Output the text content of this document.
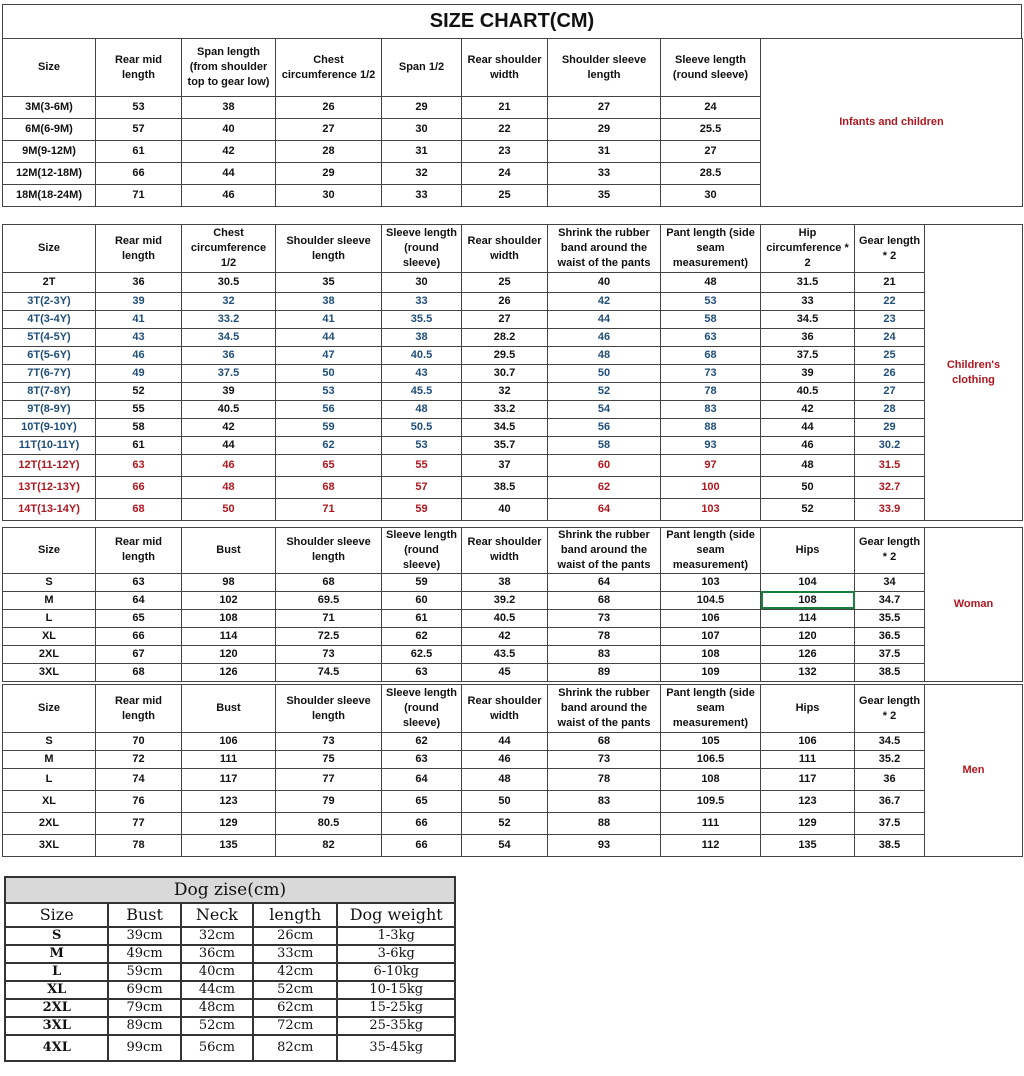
SIZE CHART(CM)
Size	Rear mid length	Span length (from shoulder top to gear low)	Chest circumference 1/2	Span 1/2	Rear shoulder width	Shoulder sleeve length	Sleeve length (round sleeve)	Infants and children
3M(3-6M)	53	38	26	29	21	27	24	
6M(6-9M)	57	40	27	30	22	29	25.5	
9M(9-12M)	61	42	28	31	23	31	27	
12M(12-18M)	66	44	29	32	24	33	28.5	
18M(18-24M)	71	46	30	33	25	35	30	
Size	Rear mid length	Chest circumference 1/2	Shoulder sleeve length	Sleeve length (round sleeve)	Rear shoulder width	Shrink the rubber band around the waist of the pants	Pant length (side seam measurement)	Hip circumference * 2	Gear length * 2	Children's clothing
2T	36	30.5	35	30	25	40	48	31.5	21	
3T(2-3Y)	39	32	38	33	26	42	53	33	22	
4T(3-4Y)	41	33.2	41	35.5	27	44	58	34.5	23	
5T(4-5Y)	43	34.5	44	38	28.2	46	63	36	24	
6T(5-6Y)	46	36	47	40.5	29.5	48	68	37.5	25	
7T(6-7Y)	49	37.5	50	43	30.7	50	73	39	26	
8T(7-8Y)	52	39	53	45.5	32	52	78	40.5	27	
9T(8-9Y)	55	40.5	56	48	33.2	54	83	42	28	
10T(9-10Y)	58	42	59	50.5	34.5	56	88	44	29	
11T(10-11Y)	61	44	62	53	35.7	58	93	46	30.2	
12T(11-12Y)	63	46	65	55	37	60	97	48	31.5	
13T(12-13Y)	66	48	68	57	38.5	62	100	50	32.7	
14T(13-14Y)	68	50	71	59	40	64	103	52	33.9	
Size	Rear mid length	Bust	Shoulder sleeve length	Sleeve length (round sleeve)	Rear shoulder width	Shrink the rubber band around the waist of the pants	Pant length (side seam measurement)	Hips	Gear length * 2	Woman
S	63	98	68	59	38	64	103	104	34	
M	64	102	69.5	60	39.2	68	104.5	108	34.7	
L	65	108	71	61	40.5	73	106	114	35.5	
XL	66	114	72.5	62	42	78	107	120	36.5	
2XL	67	120	73	62.5	43.5	83	108	126	37.5	
3XL	68	126	74.5	63	45	89	109	132	38.5	
Size	Rear mid length	Bust	Shoulder sleeve length	Sleeve length (round sleeve)	Rear shoulder width	Shrink the rubber band around the waist of the pants	Pant length (side seam measurement)	Hips	Gear length * 2	Men
S	70	106	73	62	44	68	105	106	34.5	
M	72	111	75	63	46	73	106.5	111	35.2	
L	74	117	77	64	48	78	108	117	36	
XL	76	123	79	65	50	83	109.5	123	36.7	
2XL	77	129	80.5	66	52	88	111	129	37.5	
3XL	78	135	82	66	54	93	112	135	38.5	
Dog zise(cm)				
Size	Bust	Neck	length	Dog weight
S	39cm	32cm	26cm	1-3kg
M	49cm	36cm	33cm	3-6kg
L	59cm	40cm	42cm	6-10kg
XL	69cm	44cm	52cm	10-15kg
2XL	79cm	48cm	62cm	15-25kg
3XL	89cm	52cm	72cm	25-35kg
4XL	99cm	56cm	82cm	35-45kg
